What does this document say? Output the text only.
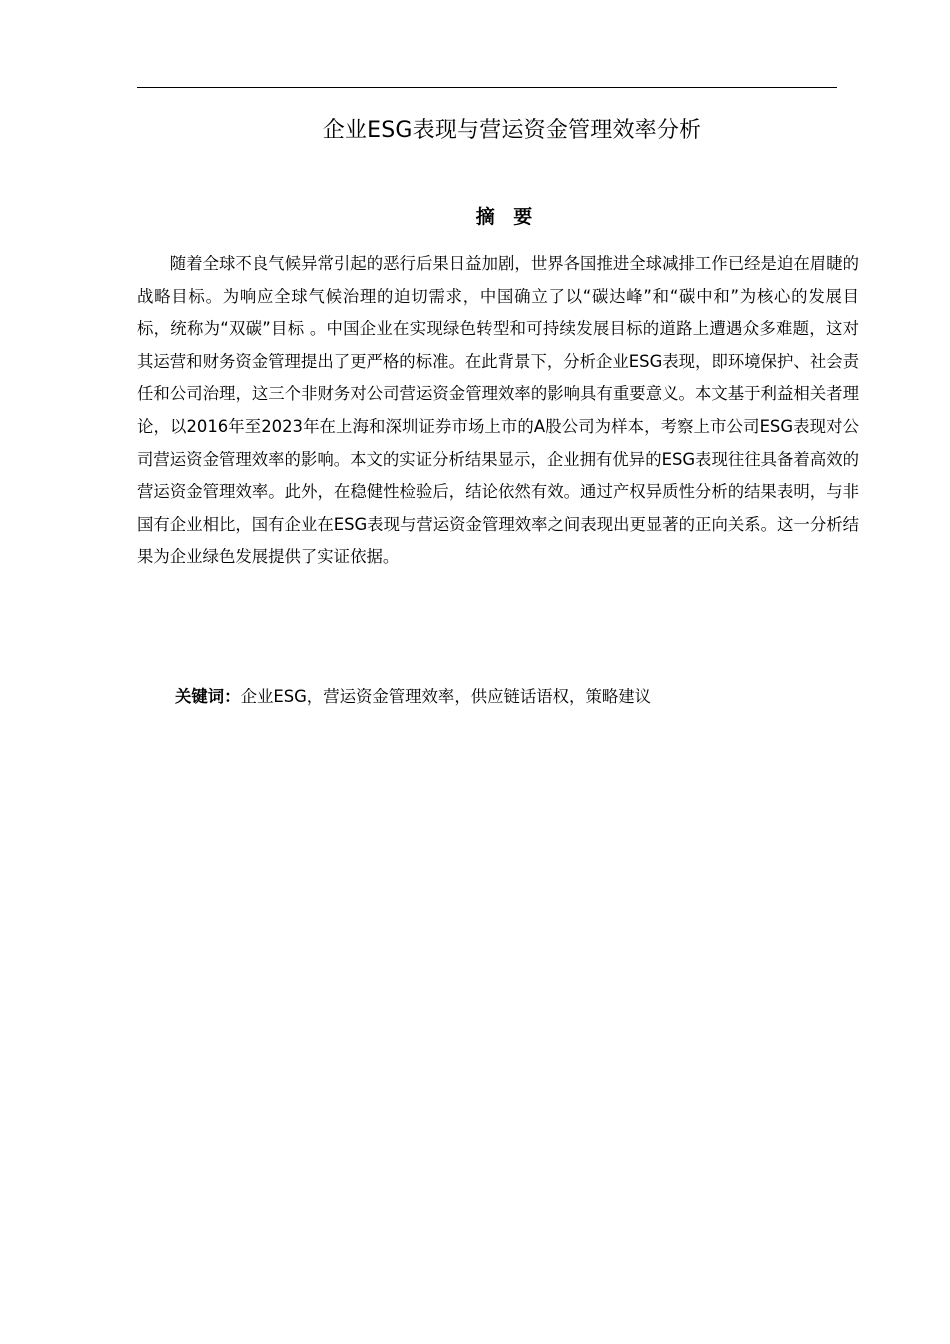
企业ESG表现与营运资金管理效率分析
摘 要

随着全球不良气候异常引起的恶行后果日益加剧，世界各国推进全球减排工作已经是迫在眉睫的战略目标。为响应全球气候治理的迫切需求，中国确立了以“碳达峰”和“碳中和”为核心的发展目标，统称为“双碳”目标 。中国企业在实现绿色转型和可持续发展目标的道路上遭遇众多难题，这对其运营和财务资金管理提出了更严格的标准。在此背景下，分析企业ESG表现，即环境保护、社会责任和公司治理，这三个非财务对公司营运资金管理效率的影响具有重要意义。本文基于利益相关者理论，以2016年至2023年在上海和深圳证券市场上市的A股公司为样本，考察上市公司ESG表现对公司营运资金管理效率的影响。本文的实证分析结果显示，企业拥有优异的ESG表现往往具备着高效的营运资金管理效率。此外，在稳健性检验后，结论依然有效。通过产权异质性分析的结果表明，与非国有企业相比，国有企业在ESG表现与营运资金管理效率之间表现出更显著的正向关系。这一分析结果为企业绿色发展提供了实证依据。

关键词：企业ESG，营运资金管理效率，供应链话语权，策略建议
